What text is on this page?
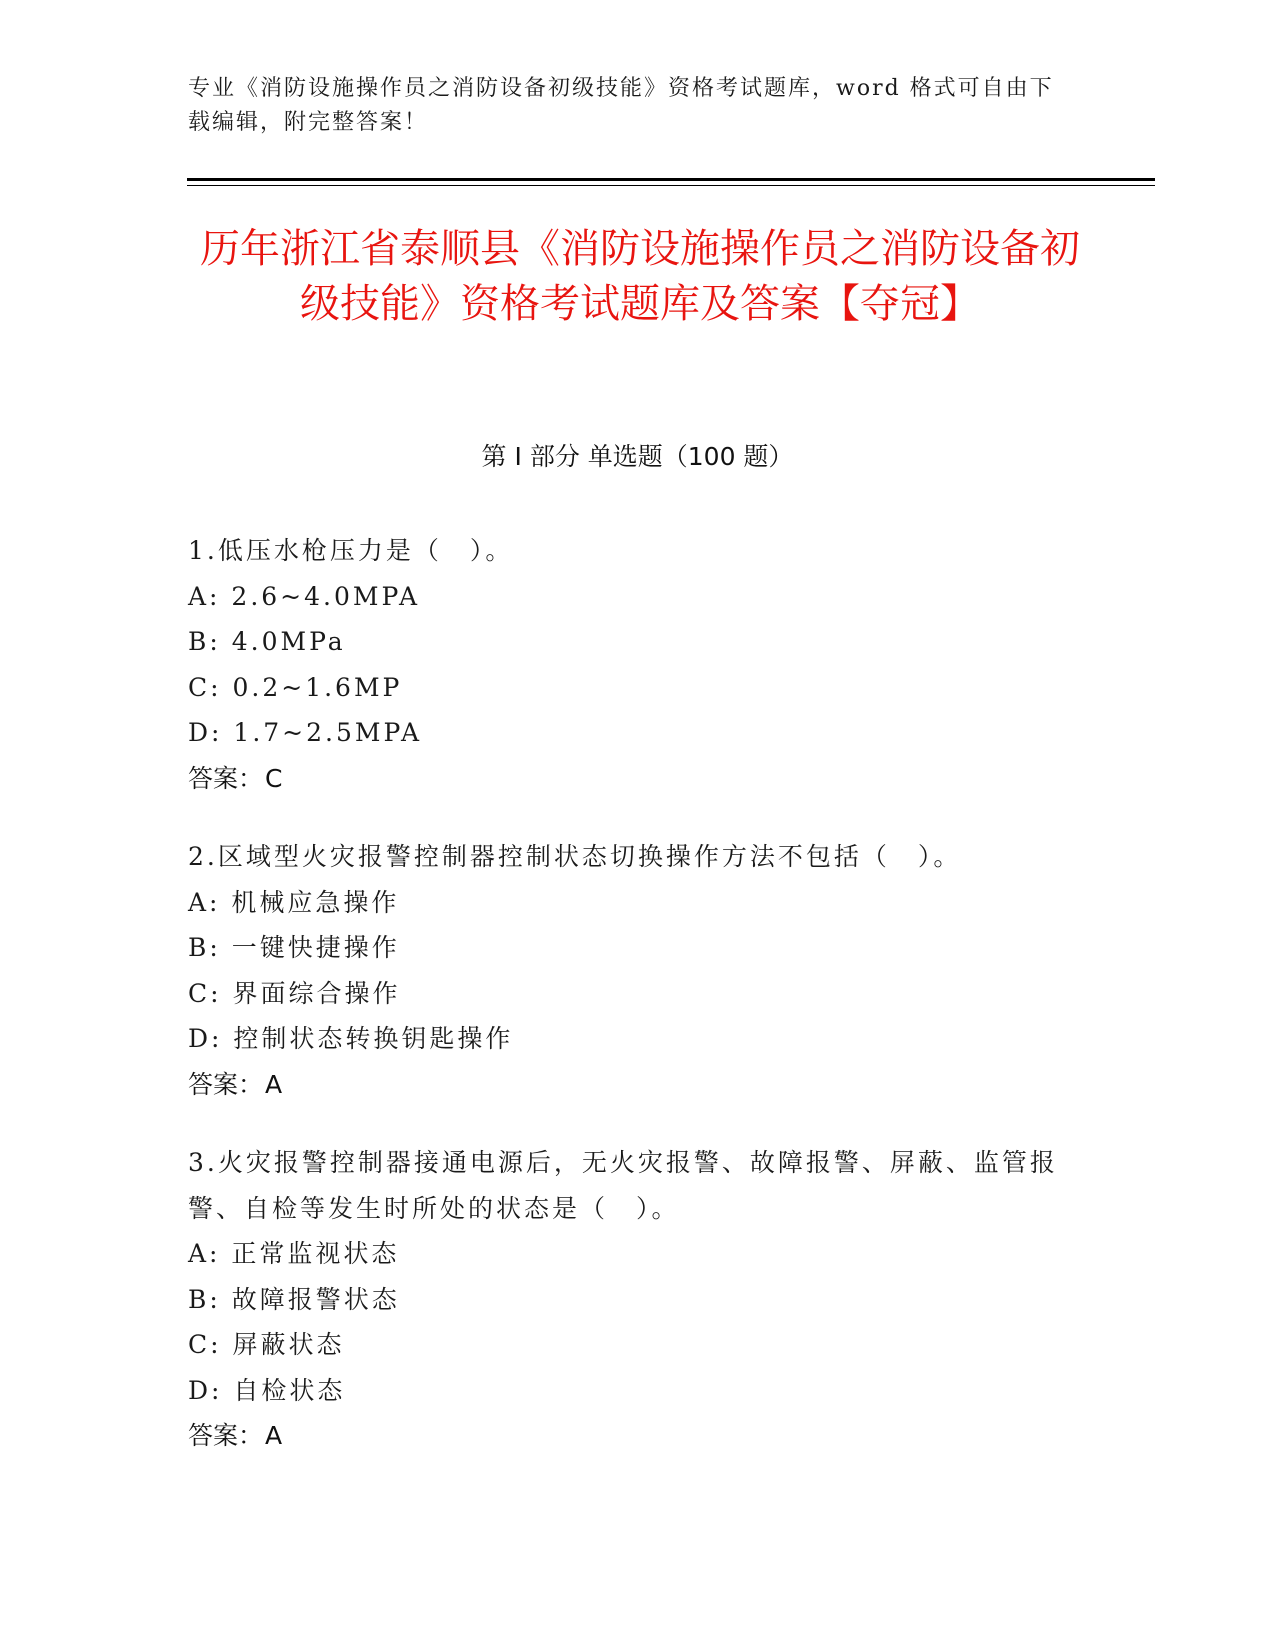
专业《消防设施操作员之消防设备初级技能》资格考试题库，word 格式可自由下载编辑，附完整答案！
历年浙江省泰顺县《消防设施操作员之消防设备初级技能》资格考试题库及答案【夺冠】
第 I 部分 单选题（100 题）

1.低压水枪压力是（　）。

A: 2.6~4.0MPA

B: 4.0MPa

C: 0.2~1.6MP

D: 1.7~2.5MPA

答案：C

2.区域型火灾报警控制器控制状态切换操作方法不包括（　）。

A: 机械应急操作

B: 一键快捷操作

C: 界面综合操作

D: 控制状态转换钥匙操作

答案：A

3.火灾报警控制器接通电源后，无火灾报警、故障报警、屏蔽、监管报警、自检等发生时所处的状态是（　）。

A: 正常监视状态

B: 故障报警状态

C: 屏蔽状态

D: 自检状态

答案：A
